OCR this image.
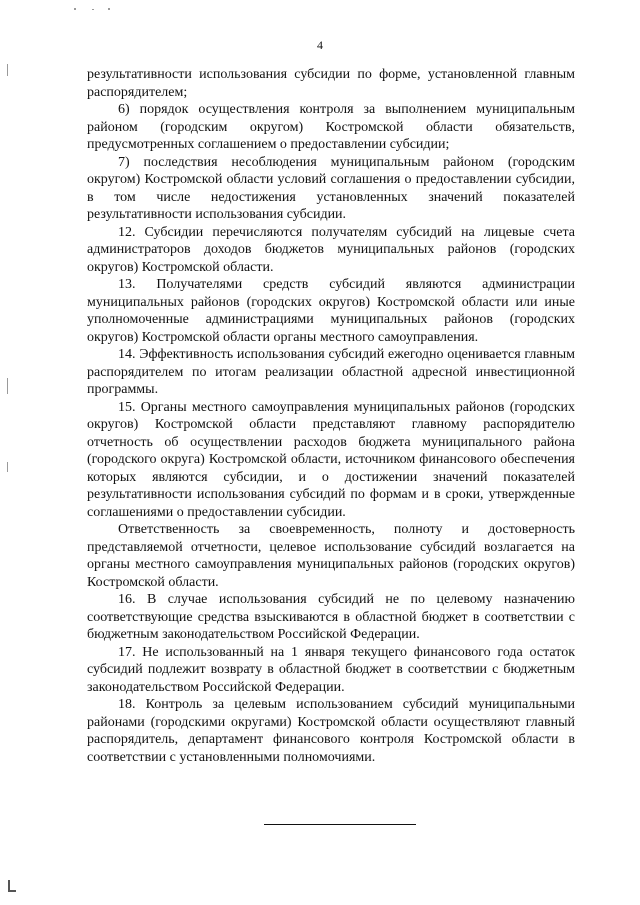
4

результативности использования субсидии по форме, установленной главным распорядителем;

6) порядок осуществления контроля за выполнением муниципальным районом (городским округом) Костромской области обязательств, предусмотренных соглашением о предоставлении субсидии;

7) последствия несоблюдения муниципальным районом (городским округом) Костромской области условий соглашения о предоставлении субсидии, в том числе недостижения установленных значений показателей результативности использования субсидии.

12. Субсидии перечисляются получателям субсидий на лицевые счета администраторов доходов бюджетов муниципальных районов (городских округов) Костромской области.

13. Получателями средств субсидий являются администрации муниципальных районов (городских округов) Костромской области или иные уполномоченные администрациями муниципальных районов (городских округов) Костромской области органы местного самоуправления.

14. Эффективность использования субсидий ежегодно оценивается главным распорядителем по итогам реализации областной адресной инвестиционной программы.

15. Органы местного самоуправления муниципальных районов (городских округов) Костромской области представляют главному распорядителю отчетность об осуществлении расходов бюджета муниципального района (городского округа) Костромской области, источником финансового обеспечения которых являются субсидии, и о достижении значений показателей результативности использования субсидий по формам и в сроки, утвержденные соглашениями о предоставлении субсидии.

Ответственность за своевременность, полноту и достоверность представляемой отчетности, целевое использование субсидий возлагается на органы местного самоуправления муниципальных районов (городских округов) Костромской области.

16. В случае использования субсидий не по целевому назначению соответствующие средства взыскиваются в областной бюджет в соответствии с бюджетным законодательством Российской Федерации.

17. Не использованный на 1 января текущего финансового года остаток субсидий подлежит возврату в областной бюджет в соответствии с бюджетным законодательством Российской Федерации.

18. Контроль за целевым использованием субсидий муниципальными районами (городскими округами) Костромской области осуществляют главный распорядитель, департамент финансового контроля Костромской области в соответствии с установленными полномочиями.
